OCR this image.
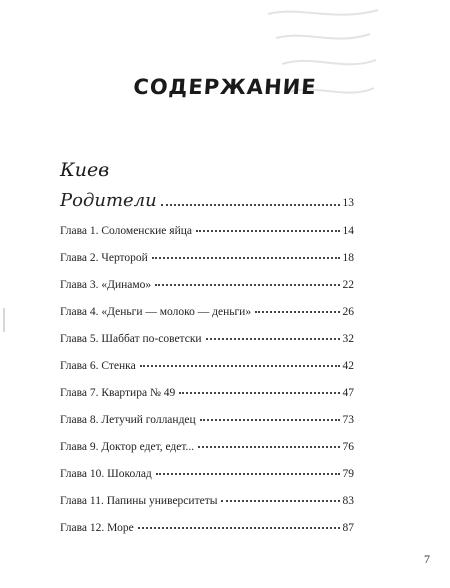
СОДЕРЖАНИЕ
Киев
Родители	13
Глава 1. Соломенские яйца	14
Глава 2. Черторой	18
Глава 3. «Динамо»	22
Глава 4. «Деньги — молоко — деньги»	26
Глава 5. Шаббат по-советски	32
Глава 6. Стенка	42
Глава 7. Квартира № 49	47
Глава 8. Летучий голландец	73
Глава 9. Доктор едет, едет...	76
Глава 10. Шоколад	79
Глава 11. Папины университеты	83
Глава 12. Море	87
7
